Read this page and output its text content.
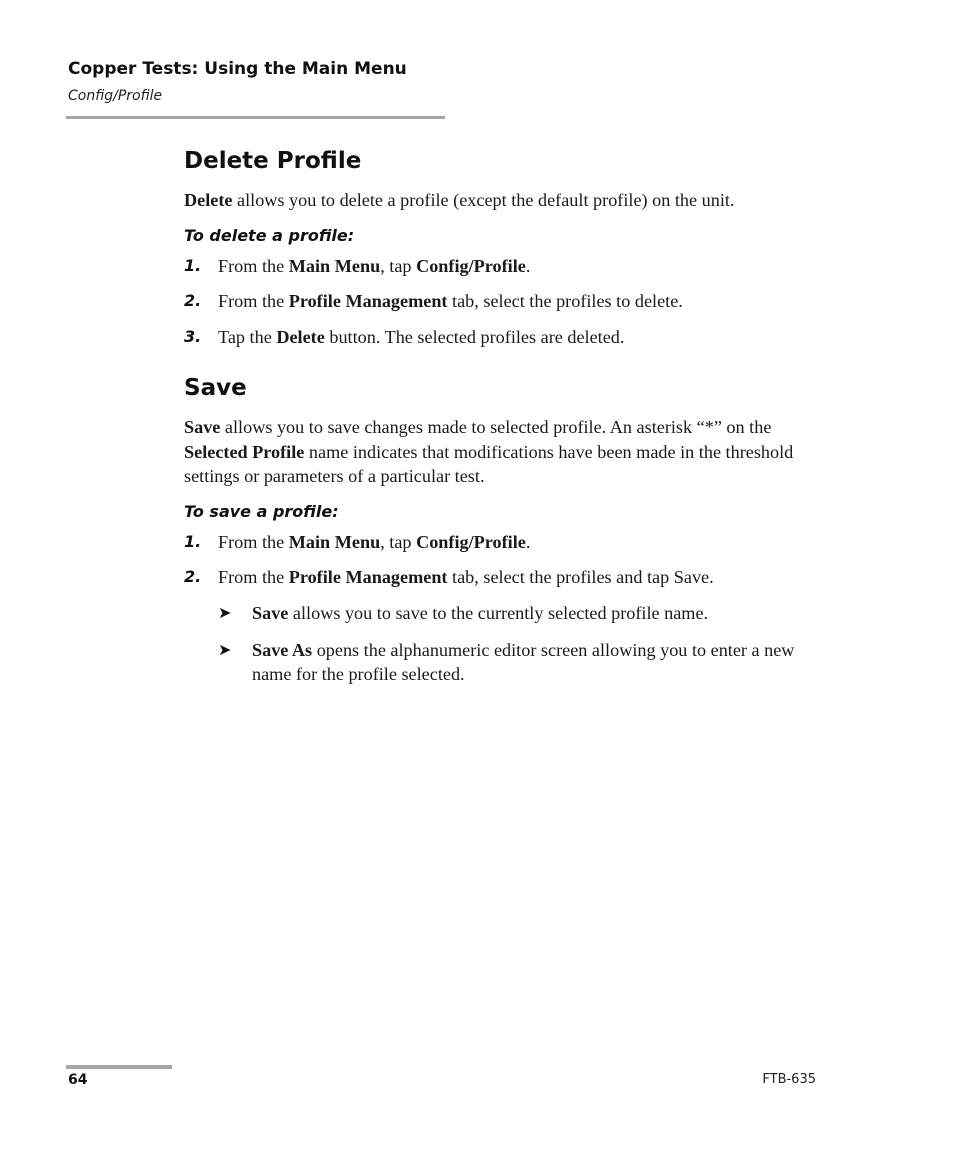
Copper Tests: Using the Main Menu
Config/Profile
Delete Profile

Delete allows you to delete a profile (except the default profile) on the unit.

To delete a profile:
1. From the Main Menu, tap Config/Profile.
2. From the Profile Management tab, select the profiles to delete.
3. Tap the Delete button. The selected profiles are deleted.
Save

Save allows you to save changes made to selected profile. An asterisk “*” on the Selected Profile name indicates that modifications have been made in the threshold settings or parameters of a particular test.

To save a profile:
1. From the Main Menu, tap Config/Profile.
2. From the Profile Management tab, select the profiles and tap Save.
➤	Save allows you to save to the currently selected profile name.
➤	Save As opens the alphanumeric editor screen allowing you to enter a new name for the profile selected.
64	FTB-635
